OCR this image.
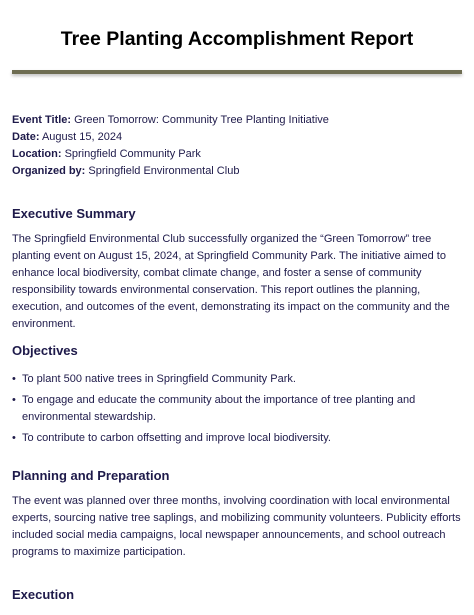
Tree Planting Accomplishment Report
Event Title: Green Tomorrow: Community Tree Planting Initiative
Date: August 15, 2024
Location: Springfield Community Park
Organized by: Springfield Environmental Club
Executive Summary

The Springfield Environmental Club successfully organized the “Green Tomorrow” tree planting event on August 15, 2024, at Springfield Community Park. The initiative aimed to enhance local biodiversity, combat climate change, and foster a sense of community responsibility towards environmental conservation. This report outlines the planning, execution, and outcomes of the event, demonstrating its impact on the community and the environment.

Objectives
• To plant 500 native trees in Springfield Community Park.
• To engage and educate the community about the importance of tree planting and environmental stewardship.
• To contribute to carbon offsetting and improve local biodiversity.
Planning and Preparation

The event was planned over three months, involving coordination with local environmental experts, sourcing native tree saplings, and mobilizing community volunteers. Publicity efforts included social media campaigns, local newspaper announcements, and school outreach programs to maximize participation.

Execution
